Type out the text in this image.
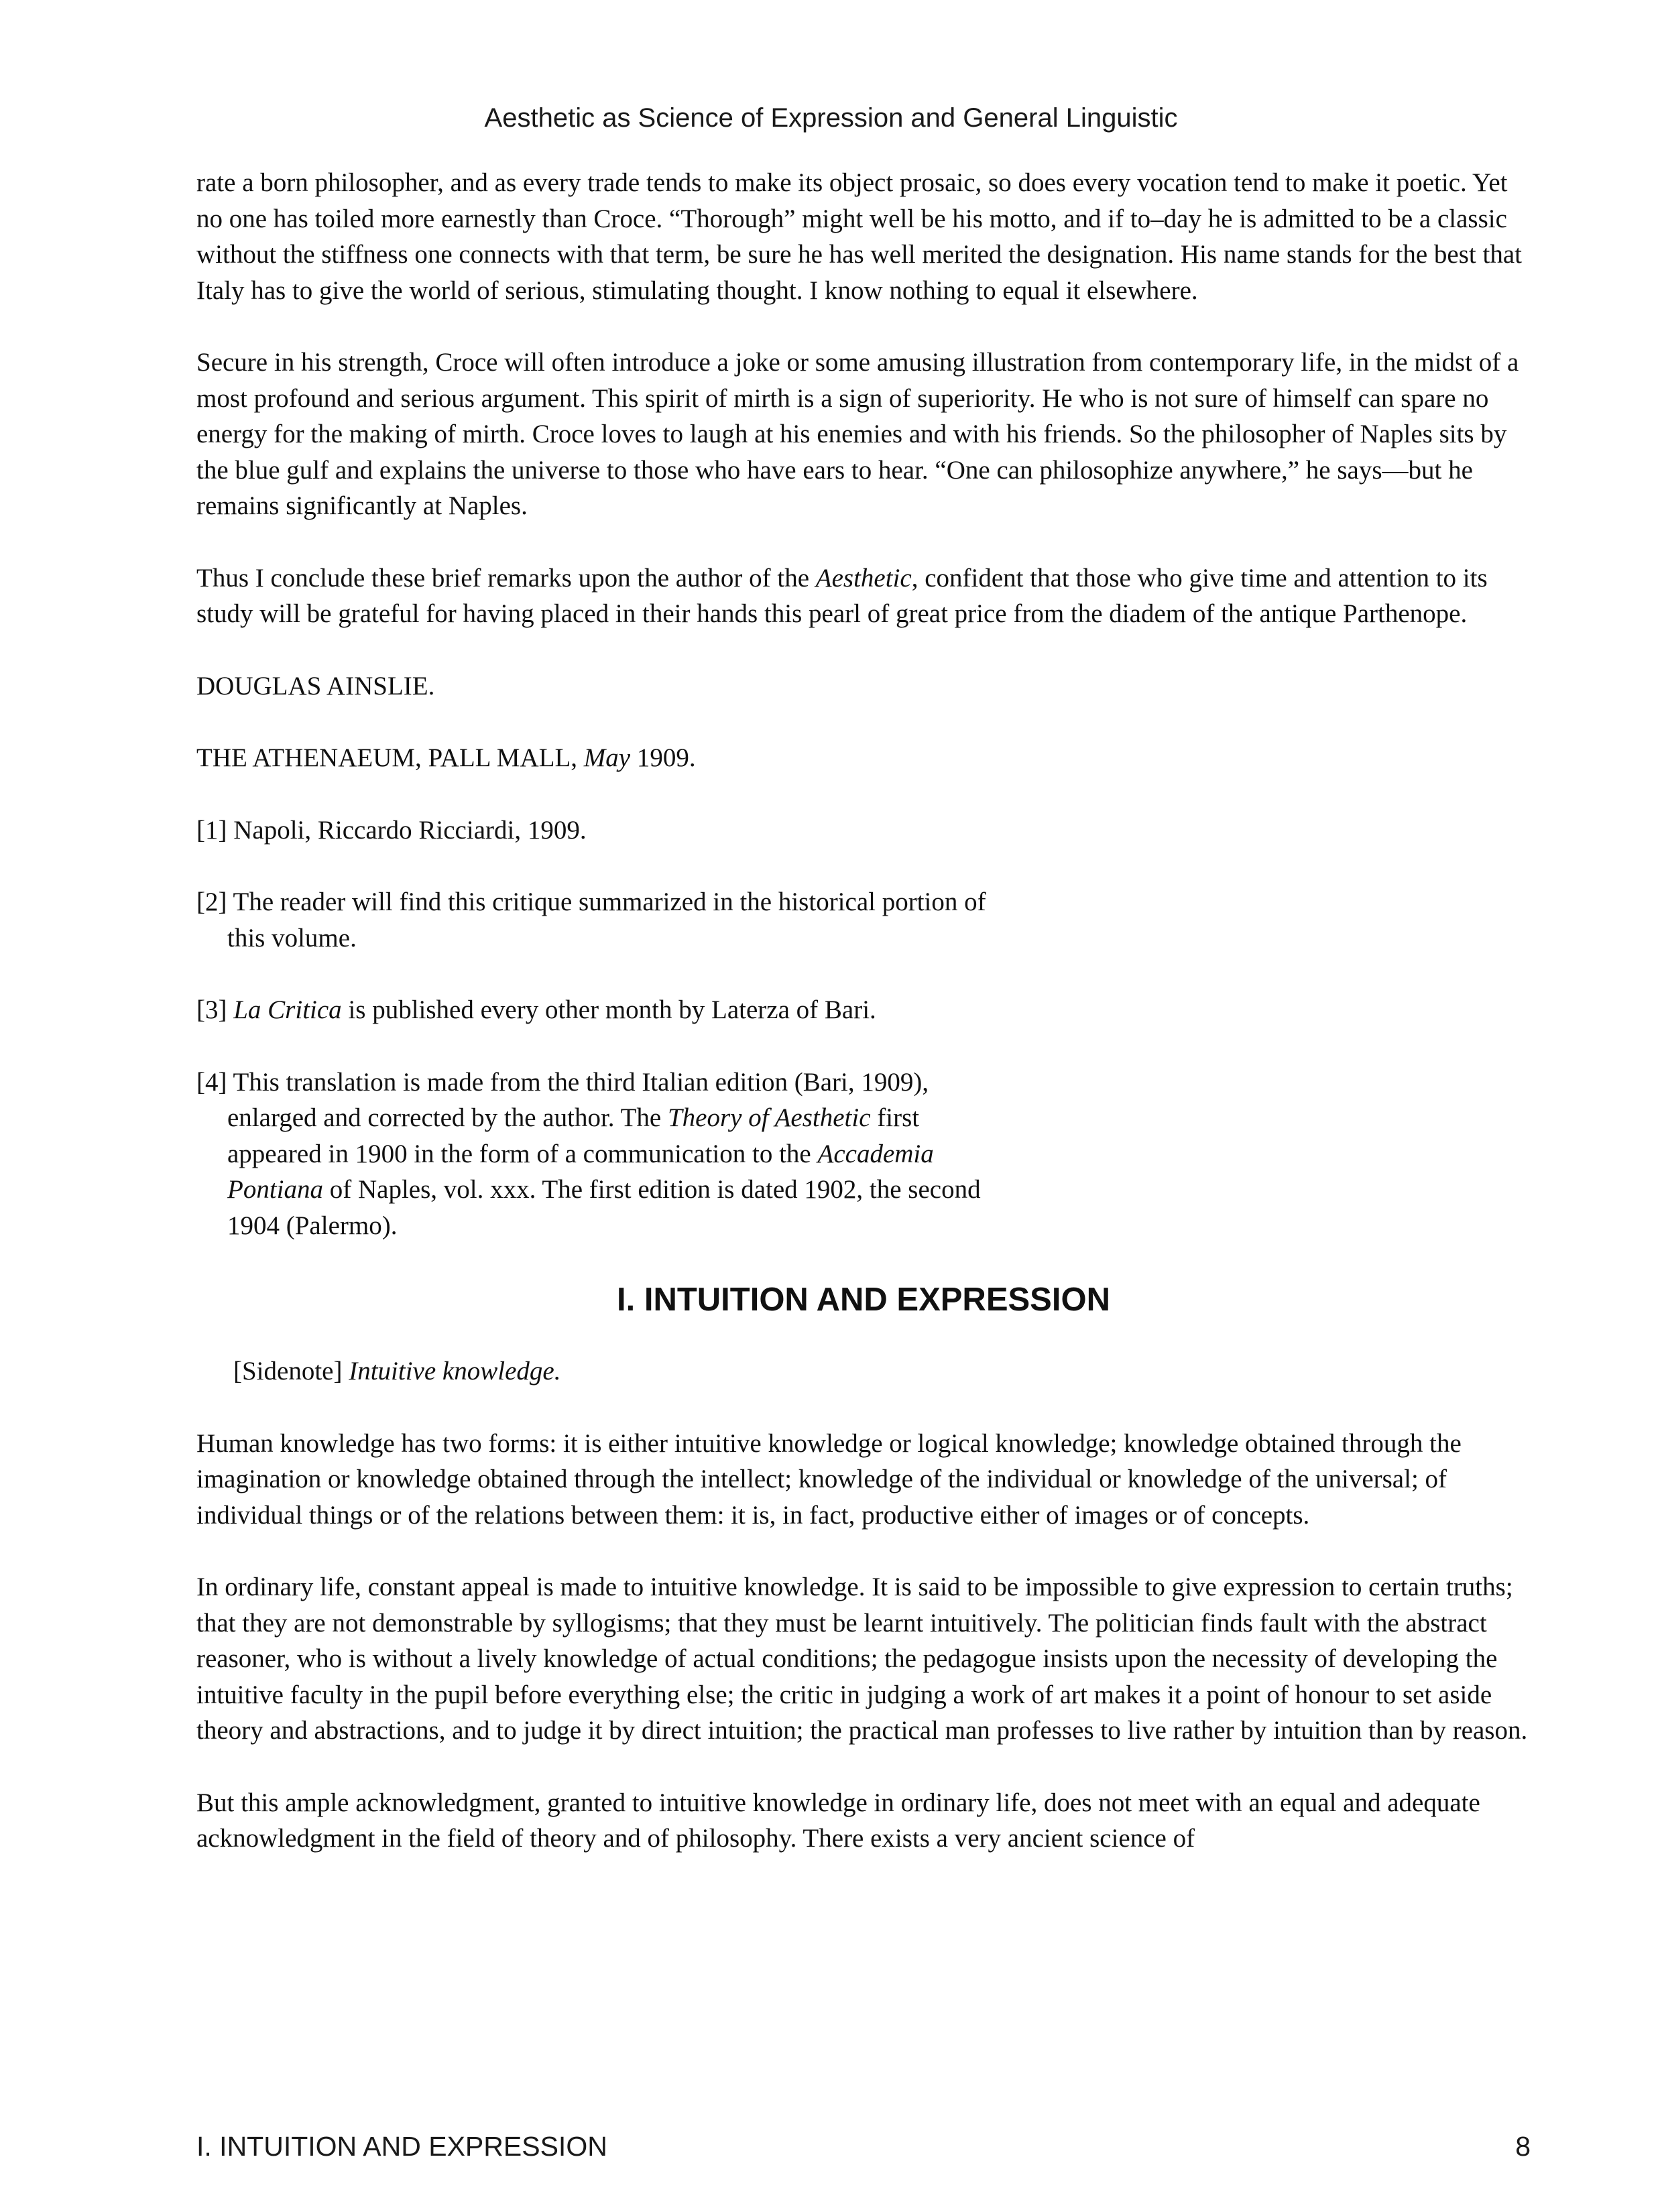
Aesthetic as Science of Expression and General Linguistic

rate a born philosopher, and as every trade tends to make its object prosaic, so does every vocation tend to make it poetic. Yet no one has toiled more earnestly than Croce. “Thorough” might well be his motto, and if to–day he is admitted to be a classic without the stiffness one connects with that term, be sure he has well merited the designation. His name stands for the best that Italy has to give the world of serious, stimulating thought. I know nothing to equal it elsewhere.

Secure in his strength, Croce will often introduce a joke or some amusing illustration from contemporary life, in the midst of a most profound and serious argument. This spirit of mirth is a sign of superiority. He who is not sure of himself can spare no energy for the making of mirth. Croce loves to laugh at his enemies and with his friends. So the philosopher of Naples sits by the blue gulf and explains the universe to those who have ears to hear. “One can philosophize anywhere,” he says—but he remains significantly at Naples.

Thus I conclude these brief remarks upon the author of the Aesthetic, confident that those who give time and attention to its study will be grateful for having placed in their hands this pearl of great price from the diadem of the antique Parthenope.

DOUGLAS AINSLIE.

THE ATHENAEUM, PALL MALL, May 1909.

[1] Napoli, Riccardo Ricciardi, 1909.

[2] The reader will find this critique summarized in the historical portion of this volume.

[3] La Critica is published every other month by Laterza of Bari.

[4] This translation is made from the third Italian edition (Bari, 1909), enlarged and corrected by the author. The Theory of Aesthetic first appeared in 1900 in the form of a communication to the Accademia Pontiana of Naples, vol. xxx. The first edition is dated 1902, the second 1904 (Palermo).

I. INTUITION AND EXPRESSION

[Sidenote] Intuitive knowledge.

Human knowledge has two forms: it is either intuitive knowledge or logical knowledge; knowledge obtained through the imagination or knowledge obtained through the intellect; knowledge of the individual or knowledge of the universal; of individual things or of the relations between them: it is, in fact, productive either of images or of concepts.

In ordinary life, constant appeal is made to intuitive knowledge. It is said to be impossible to give expression to certain truths; that they are not demonstrable by syllogisms; that they must be learnt intuitively. The politician finds fault with the abstract reasoner, who is without a lively knowledge of actual conditions; the pedagogue insists upon the necessity of developing the intuitive faculty in the pupil before everything else; the critic in judging a work of art makes it a point of honour to set aside theory and abstractions, and to judge it by direct intuition; the practical man professes to live rather by intuition than by reason.

But this ample acknowledgment, granted to intuitive knowledge in ordinary life, does not meet with an equal and adequate acknowledgment in the field of theory and of philosophy. There exists a very ancient science of

I. INTUITION AND EXPRESSION	8
